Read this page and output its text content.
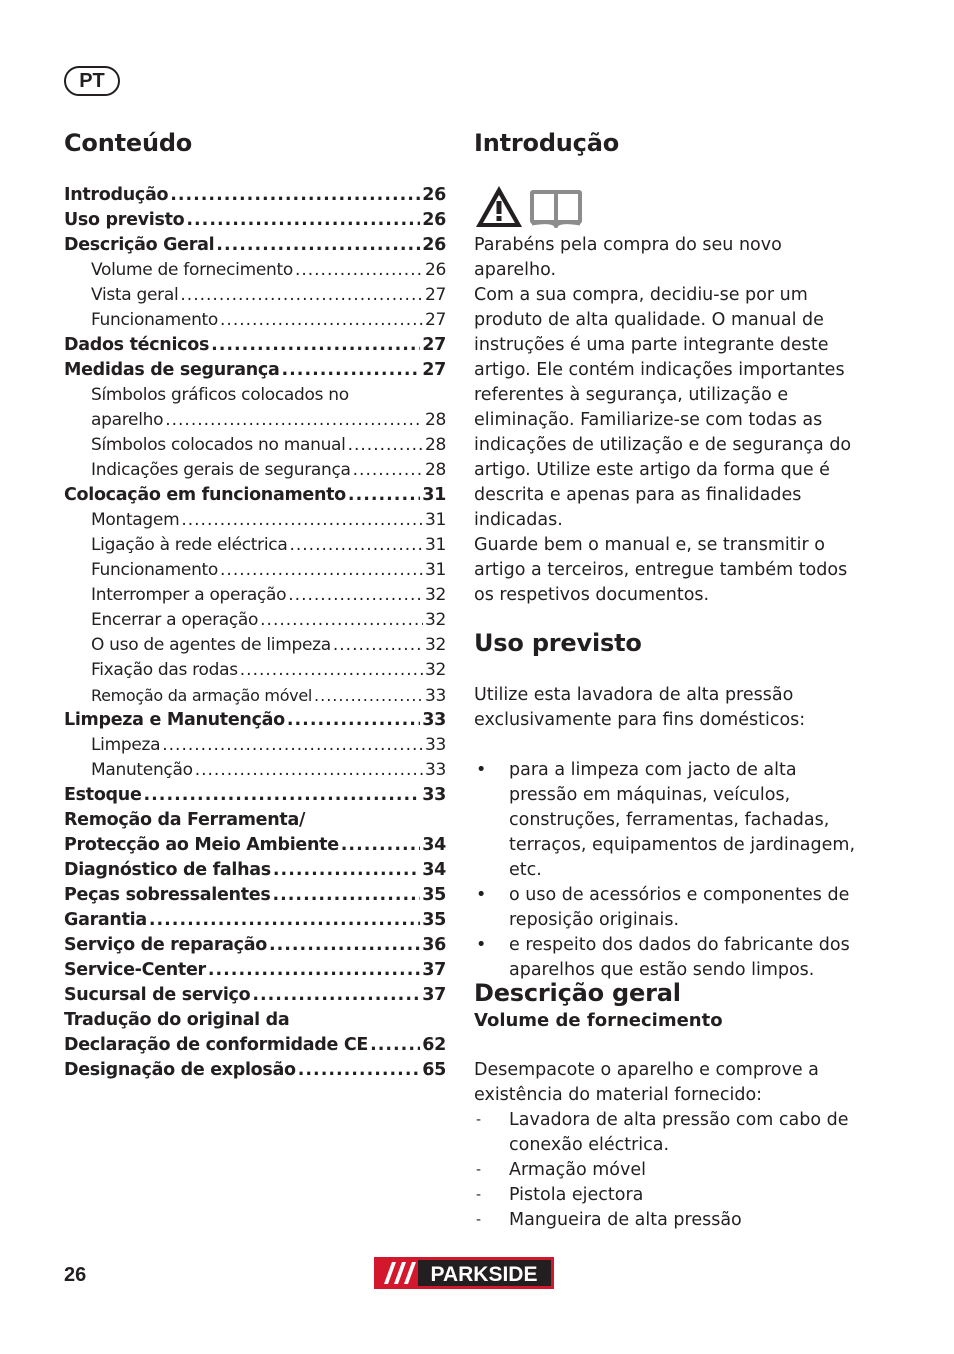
PT
Conteúdo
Introdução .....	26
Uso previsto .....	26
Descrição Geral .....	26
Volume de fornecimento .....	26
Vista geral .....	27
Funcionamento .....	27
Dados técnicos .....	27
Medidas de segurança .....	27
Símbolos gráficos colocados no
aparelho .....	28
Símbolos colocados no manual .....	28
Indicações gerais de segurança .....	28
Colocação em funcionamento .....	31
Montagem .....	31
Ligação à rede eléctrica .....	31
Funcionamento .....	31
Interromper a operação .....	32
Encerrar a operação .....	32
O uso de agentes de limpeza .....	32
Fixação das rodas .....	32
Remoção da armação móvel .....	33
Limpeza e Manutenção .....	33
Limpeza .....	33
Manutenção .....	33
Estoque .....	33
Remoção da Ferramenta/
Protecção ao Meio Ambiente .....	34
Diagnóstico de falhas .....	34
Peças sobressalentes .....	35
Garantia .....	35
Serviço de reparação .....	36
Service-Center .....	37
Sucursal de serviço .....	37
Tradução do original da
Declaração de conformidade CE .....	62
Designação de explosão .....	65
Introdução

Parabéns pela compra do seu novo aparelho.

Com a sua compra, decidiu-se por um produto de alta qualidade. O manual de instruções é uma parte integrante deste artigo. Ele contém indicações importantes referentes à segurança, utilização e eliminação. Familiarize-se com todas as indicações de utilização e de segurança do artigo. Utilize este artigo da forma que é descrita e apenas para as finalidades indicadas.

Guarde bem o manual e, se transmitir o artigo a terceiros, entregue também todos os respetivos documentos.

Uso previsto
Utilize esta lavadora de alta pressão exclusivamente para fins domésticos:
• para a limpeza com jacto de alta pressão em máquinas, veículos, construções, ferramentas, fachadas, terraços, equipamentos de jardinagem, etc.
• o uso de acessórios e componentes de reposição originais.
• e respeito dos dados do fabricante dos aparelhos que estão sendo limpos.
Descrição geral
Volume de fornecimento
Desempacote o aparelho e comprove a existência do material fornecido:
- Lavadora de alta pressão com cabo de conexão eléctrica.
- Armação móvel
- Pistola ejectora
- Mangueira de alta pressão
26	PARKSIDE
